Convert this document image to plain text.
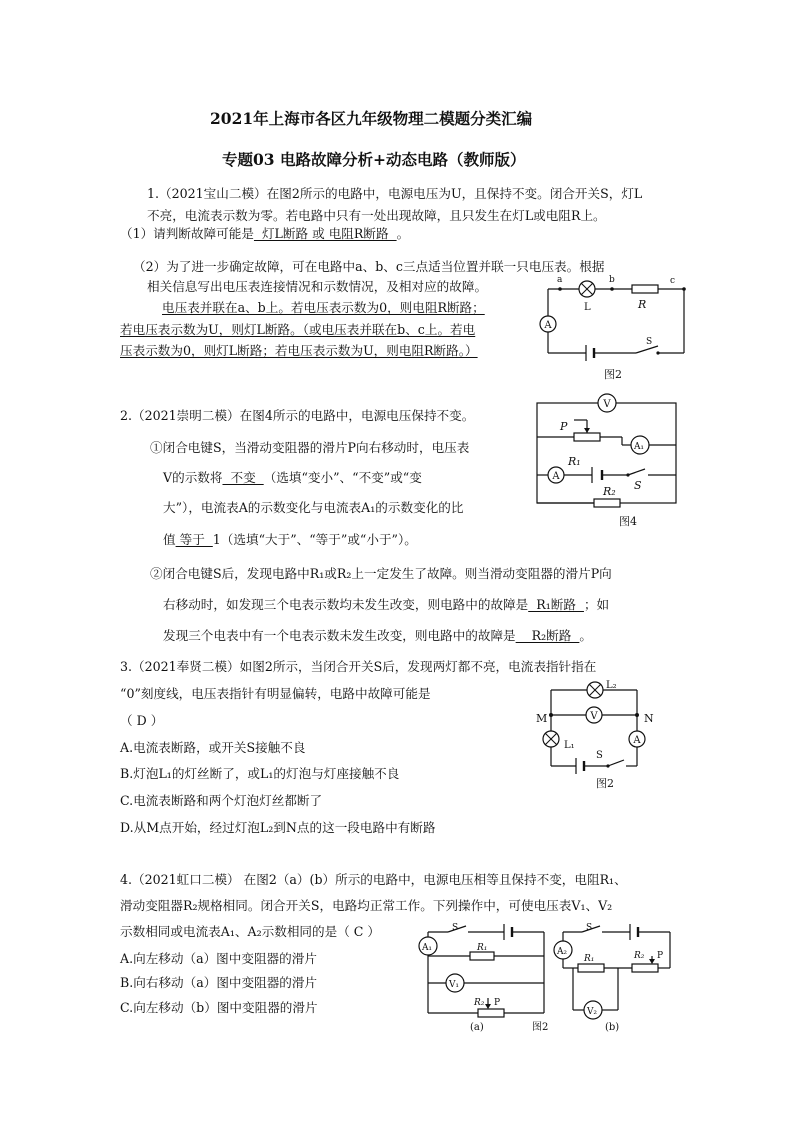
2021年上海市各区九年级物理二模题分类汇编
专题03 电路故障分析+动态电路（教师版）
1.（2021宝山二模）在图2所示的电路中，电源电压为U，且保持不变。闭合开关S，灯L
不亮，电流表示数为零。若电路中只有一处出现故障，且只发生在灯L或电阻R上。
（1）请判断故障可能是  灯L断路 或 电阻R断路  。
（2）为了进一步确定故障，可在电路中a、b、c三点适当位置并联一只电压表。根据
相关信息写出电压表连接情况和示数情况，及相对应的故障。
电压表并联在a、b上。若电压表示数为0，则电阻R断路；
若电压表示数为U，则灯L断路。（或电压表并联在b、c上。若电
压表示数为0，则灯L断路；若电压表示数为U，则电阻R断路。）
A
a	b	c
L	R
S
图2
2.（2021崇明二模）在图4所示的电路中，电源电压保持不变。
①闭合电键S，当滑动变阻器的滑片P向右移动时，电压表
V的示数将  不变  （选填“变小”、“不变”或“变
大”），电流表A的示数变化与电流表A₁的示数变化的比
值 等于  1（选填“大于”、“等于”或“小于”）。
②闭合电键S后，发现电路中R₁或R₂上一定发生了故障。则当滑动变阻器的滑片P向
右移动时，如发现三个电表示数均未发生改变，则电路中的故障是  R₁断路  ；如
发现三个电表中有一个电表示数未发生改变，则电路中的故障是    R₂断路  。
V
A₁
A
P
R₁
S
R₂
图4
3.（2021奉贤二模）如图2所示，当闭合开关S后，发现两灯都不亮，电流表指针指在
“0”刻度线，电压表指针有明显偏转，电路中故障可能是
（ D ）
A.电流表断路，或开关S接触不良
B.灯泡L₁的灯丝断了，或L₁的灯泡与灯座接触不良
C.电流表断路和两个灯泡灯丝都断了
D.从M点开始，经过灯泡L₂到N点的这一段电路中有断路
V
A
L₂
M	N
L₁
S
图2
4.（2021虹口二模） 在图2（a）(b）所示的电路中，电源电压相等且保持不变，电阻R₁、
滑动变阻器R₂规格相同。闭合开关S，电路均正常工作。下列操作中，可使电压表V₁、V₂
示数相同或电流表A₁、A₂示数相同的是（ C ）
A.向左移动（a）图中变阻器的滑片
B.向右移动（a）图中变阻器的滑片
C.向左移动（b）图中变阻器的滑片
A₁
V₁
S
R₁
R₂ P
(a)	图2
A₂
V₂
S
R₁	R₂ P
(b)
